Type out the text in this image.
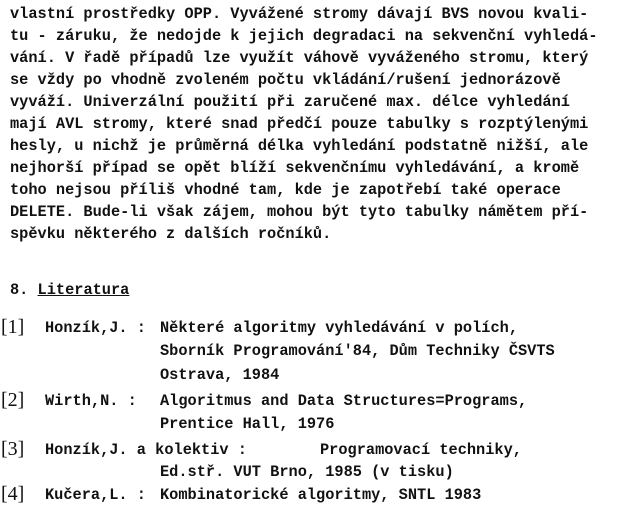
vlastní prostředky OPP. Vyvážené stromy dávají BVS novou kvali-
tu - záruku, že nedojde k jejich degradaci na sekvenční vyhledá-
vání. V řadě případů lze využít váhově vyváženého stromu, který
se vždy po vhodně zvoleném počtu vkládání/rušení jednorázově
vyváží. Univerzální použití při zaručené max. délce vyhledání
mají AVL stromy, které snad předčí pouze tabulky s rozptýlenými
hesly, u nichž je průměrná délka vyhledání podstatně nižší, ale
nejhorší případ se opět blíží sekvenčnímu vyhledávání, a kromě
toho nejsou příliš vhodné tam, kde je zapotřebí také operace
DELETE. Bude-li však zájem, mohou být tyto tabulky námětem pří-
spěvku některého z dalších ročníků.
8. Literatura
[1] Honzík,J. : Některé algoritmy vyhledávání v polích,
Sborník Programování'84, Dům Techniky ČSVTS
Ostrava, 1984
[2] Wirth,N. : Algoritmus and Data Structures=Programs,
Prentice Hall, 1976
[3] Honzík,J. a kolektiv :	Programovací techniky,
Ed.stř. VUT Brno, 1985 (v tisku)
[4] Kučera,L. : Kombinatorické algoritmy, SNTL 1983
